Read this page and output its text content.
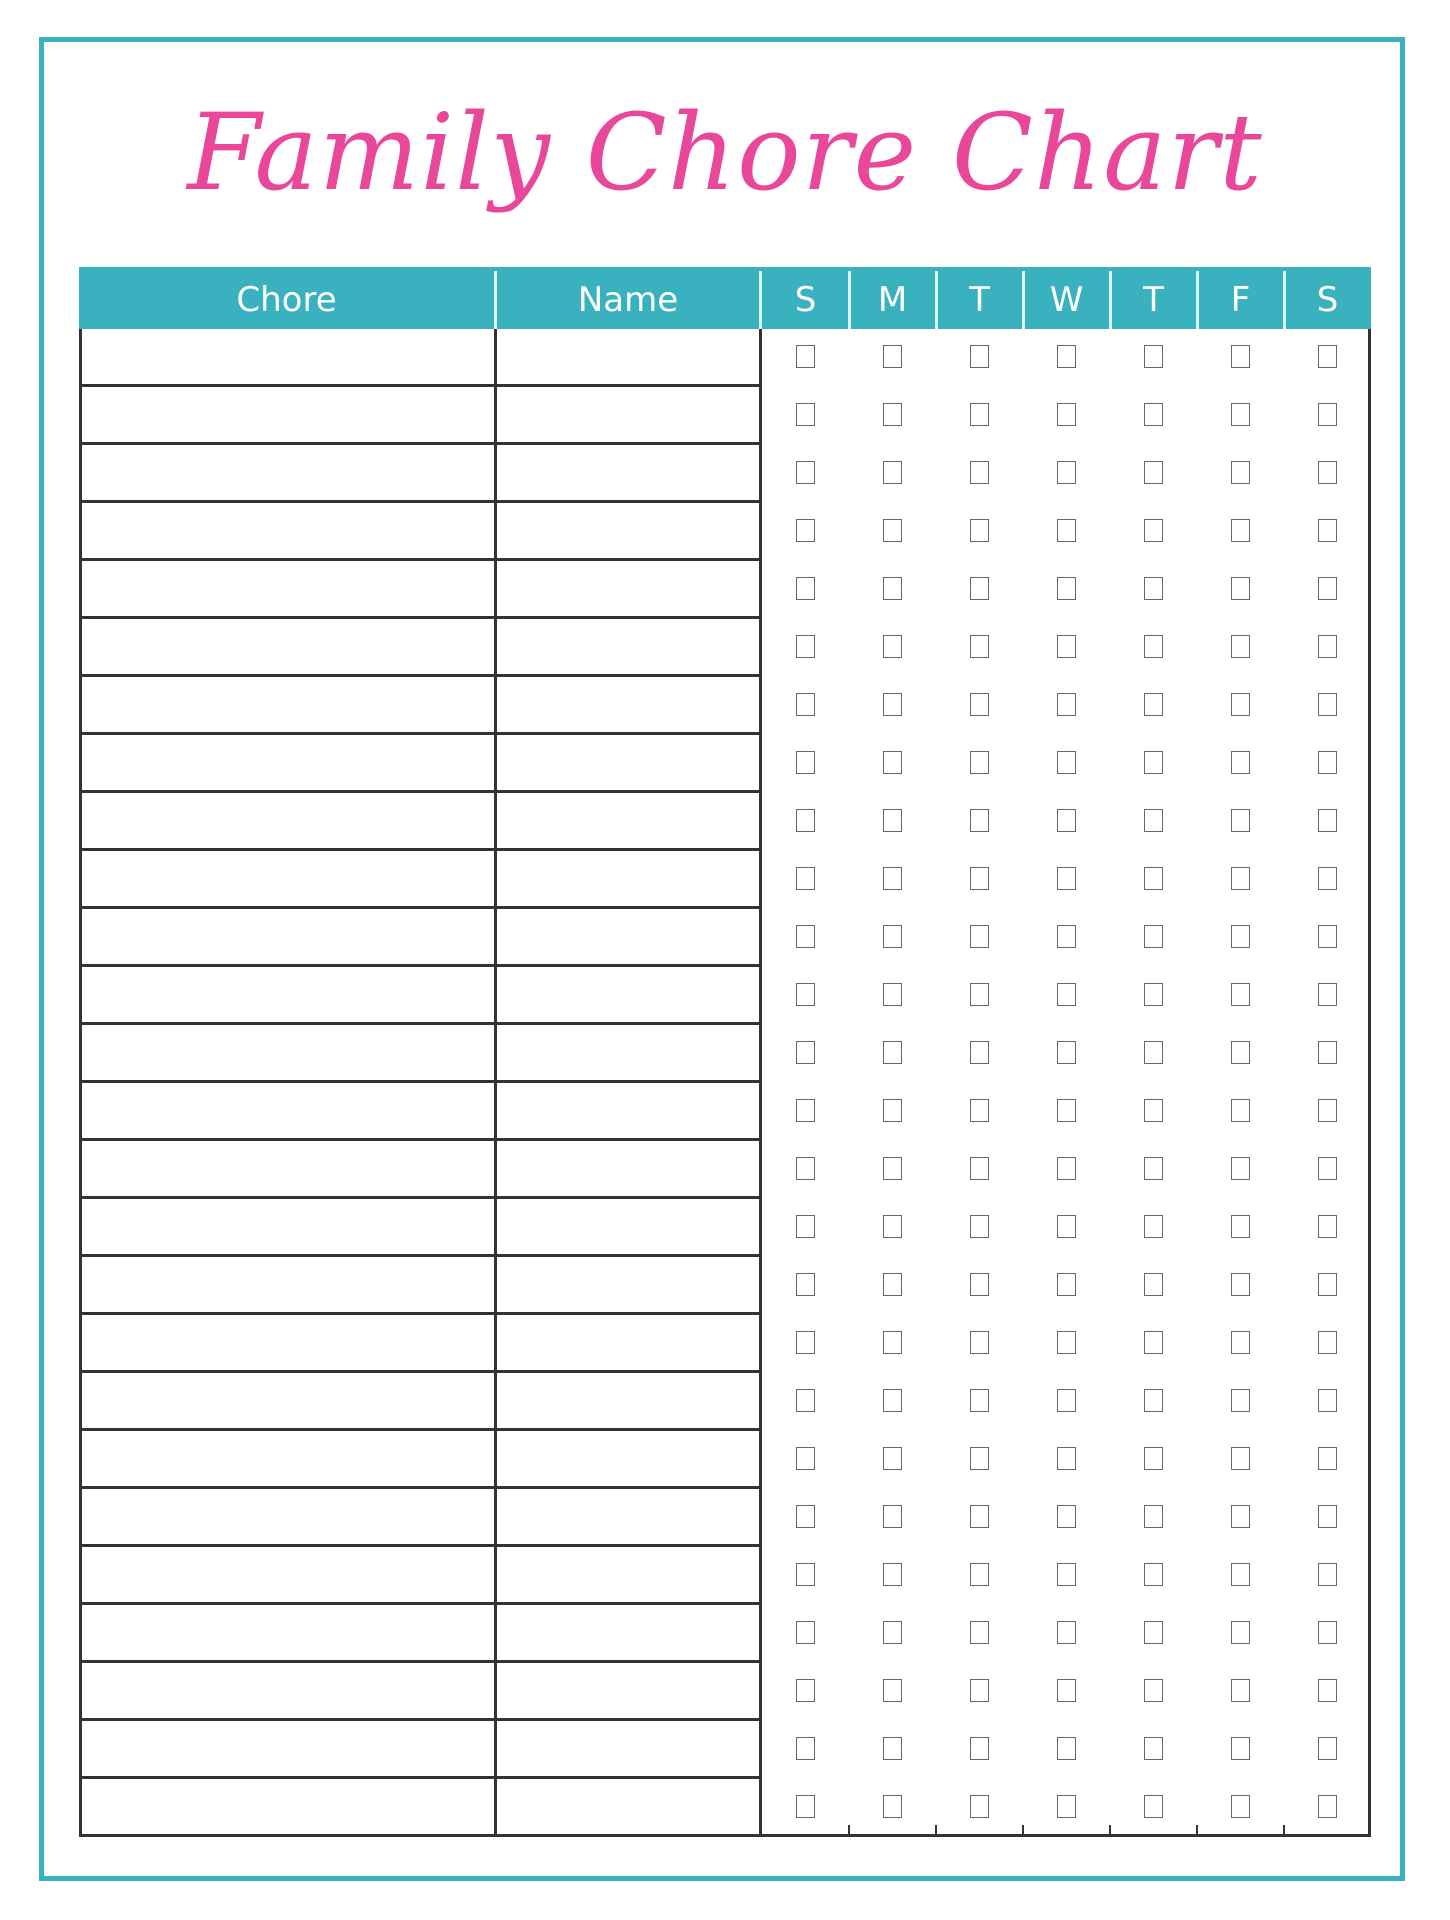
Family Chore Chart
Chore	Name	S	M	T	W	T	F	S
